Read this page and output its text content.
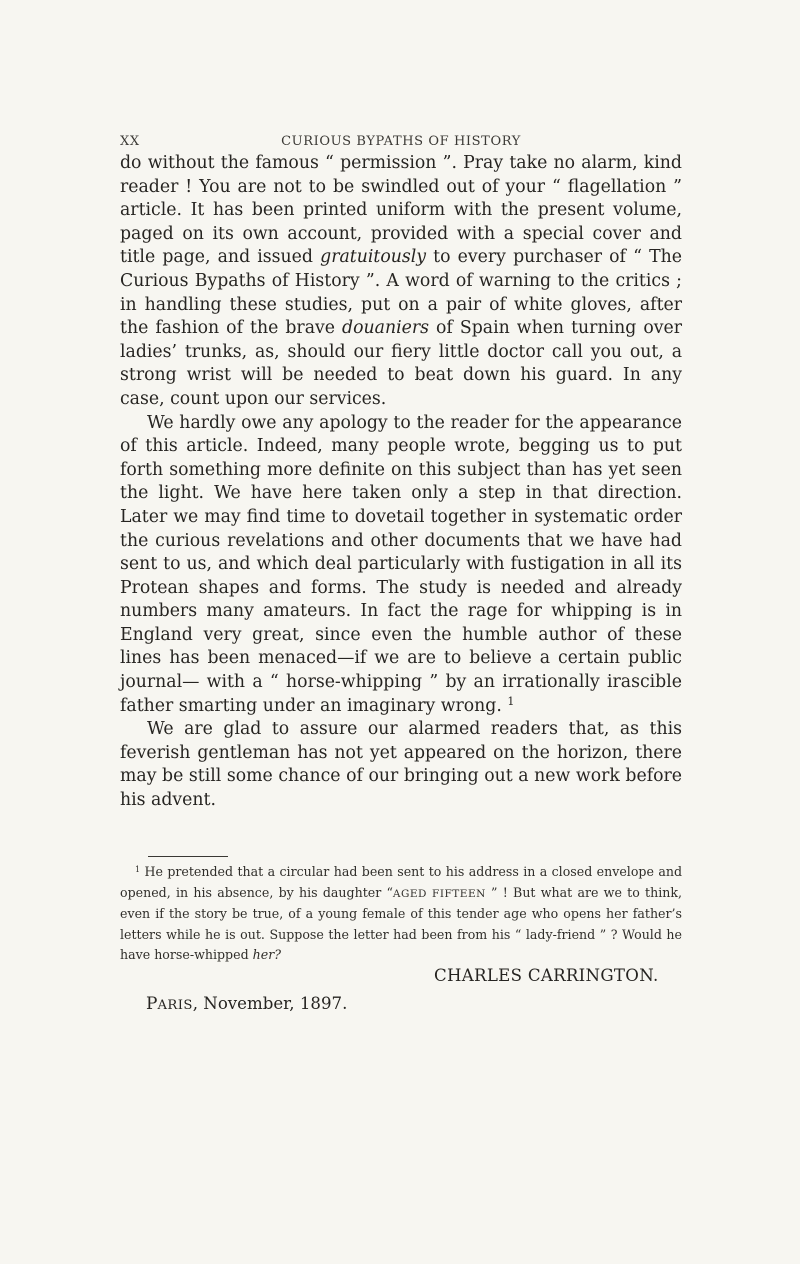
XX	CURIOUS BYPATHS OF HISTORY

do without the famous “ permission ”. Pray take no alarm, kind reader ! You are not to be swindled out of your “ flagellation ” article. It has been printed uniform with the present volume, paged on its own account, provided with a special cover and title page, and issued gratuitously to every purchaser of “ The Curious Bypaths of History ”. A word of warning to the critics ; in handling these studies, put on a pair of white gloves, after the fashion of the brave douaniers of Spain when turning over ladies’ trunks, as, should our fiery little doctor call you out, a strong wrist will be needed to beat down his guard. In any case, count upon our services.

We hardly owe any apology to the reader for the appearance of this article. Indeed, many people wrote, begging us to put forth something more definite on this subject than has yet seen the light. We have here taken only a step in that direction. Later we may find time to dovetail together in systematic order the curious revelations and other documents that we have had sent to us, and which deal particularly with fustigation in all its Protean shapes and forms. The study is needed and already numbers many amateurs. In fact the rage for whipping is in England very great, since even the humble author of these lines has been menaced—if we are to believe a certain public journal— with a “ horse-whipping ” by an irrationally irascible father smarting under an imaginary wrong. $^1$

We are glad to assure our alarmed readers that, as this feverish gentleman has not yet appeared on the horizon, there may be still some chance of our bringing out a new work before his advent.

$^1$ He pretended that a circular had been sent to his address in a closed envelope and opened, in his absence, by his daughter “AGED FIFTEEN ” ! But what are we to think, even if the story be true, of a young female of this tender age who opens her father’s letters while he is out. Suppose the letter had been from his “ lady-friend ” ? Would he have horse-whipped her?

CHARLES CARRINGTON.
PARIS, November, 1897.
